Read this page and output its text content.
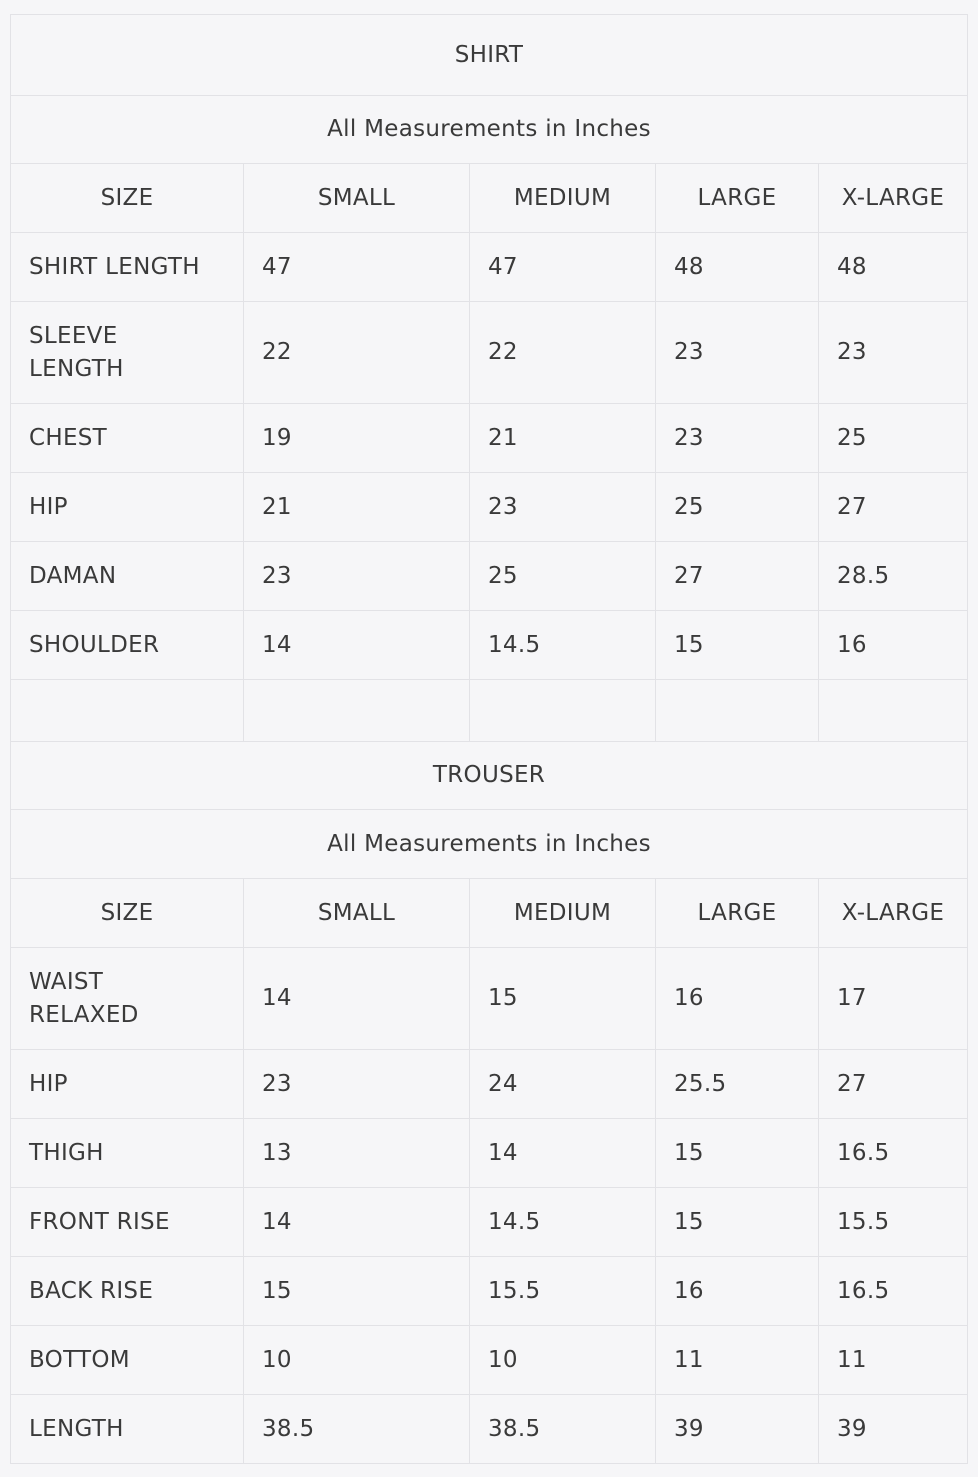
SHIRT				
All Measurements in Inches				
SIZE	SMALL	MEDIUM	LARGE	X-LARGE
SHIRT LENGTH	47	47	48	48
SLEEVE LENGTH	22	22	23	23
CHEST	19	21	23	25
HIP	21	23	25	27
DAMAN	23	25	27	28.5
SHOULDER	14	14.5	15	16

TROUSER				
All Measurements in Inches				
SIZE	SMALL	MEDIUM	LARGE	X-LARGE
WAIST RELAXED	14	15	16	17
HIP	23	24	25.5	27
THIGH	13	14	15	16.5
FRONT RISE	14	14.5	15	15.5
BACK RISE	15	15.5	16	16.5
BOTTOM	10	10	11	11
LENGTH	38.5	38.5	39	39
